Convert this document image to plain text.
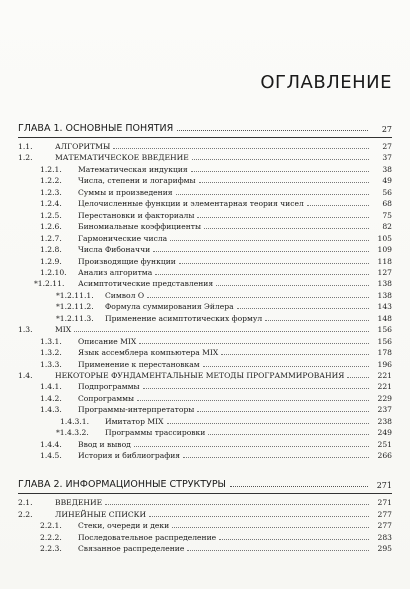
ОГЛАВЛЕНИЕ
ГЛАВА 1. ОСНОВНЫЕ ПОНЯТИЯ	27
1.1.	АЛГОРИТМЫ	27
1.2.	МАТЕМАТИЧЕСКОЕ ВВЕДЕНИЕ	37
1.2.1.	Математическая индукция	38
1.2.2.	Числа, степени и логарифмы	49
1.2.3.	Суммы и произведения	56
1.2.4.	Целочисленные функции и элементарная теория чисел	68
1.2.5.	Перестановки и факториалы	75
1.2.6.	Биномиальные коэффициенты	82
1.2.7.	Гармонические числа	105
1.2.8.	Числа Фибоначчи	109
1.2.9.	Производящие функции	118
1.2.10.	Анализ алгоритма	127
*1.2.11.	Асимптотические представления	138
*1.2.11.1.	Символ O	138
*1.2.11.2.	Формула суммирования Эйлера	143
*1.2.11.3.	Применение асимптотических формул	148
1.3.	MIX	156
1.3.1.	Описание MIX	156
1.3.2.	Язык ассемблера компьютера MIX	178
1.3.3.	Применение к перестановкам	196
1.4.	НЕКОТОРЫЕ ФУНДАМЕНТАЛЬНЫЕ МЕТОДЫ ПРОГРАММИРОВАНИЯ	221
1.4.1.	Подпрограммы	221
1.4.2.	Сопрограммы	229
1.4.3.	Программы-интерпретаторы	237
1.4.3.1.	Имитатор MIX	238
*1.4.3.2.	Программы трассировки	249
1.4.4.	Ввод и вывод	251
1.4.5.	История и библиография	266
ГЛАВА 2. ИНФОРМАЦИОННЫЕ СТРУКТУРЫ	271
2.1.	ВВЕДЕНИЕ	271
2.2.	ЛИНЕЙНЫЕ СПИСКИ	277
2.2.1.	Стеки, очереди и деки	277
2.2.2.	Последовательное распределение	283
2.2.3.	Связанное распределение	295
